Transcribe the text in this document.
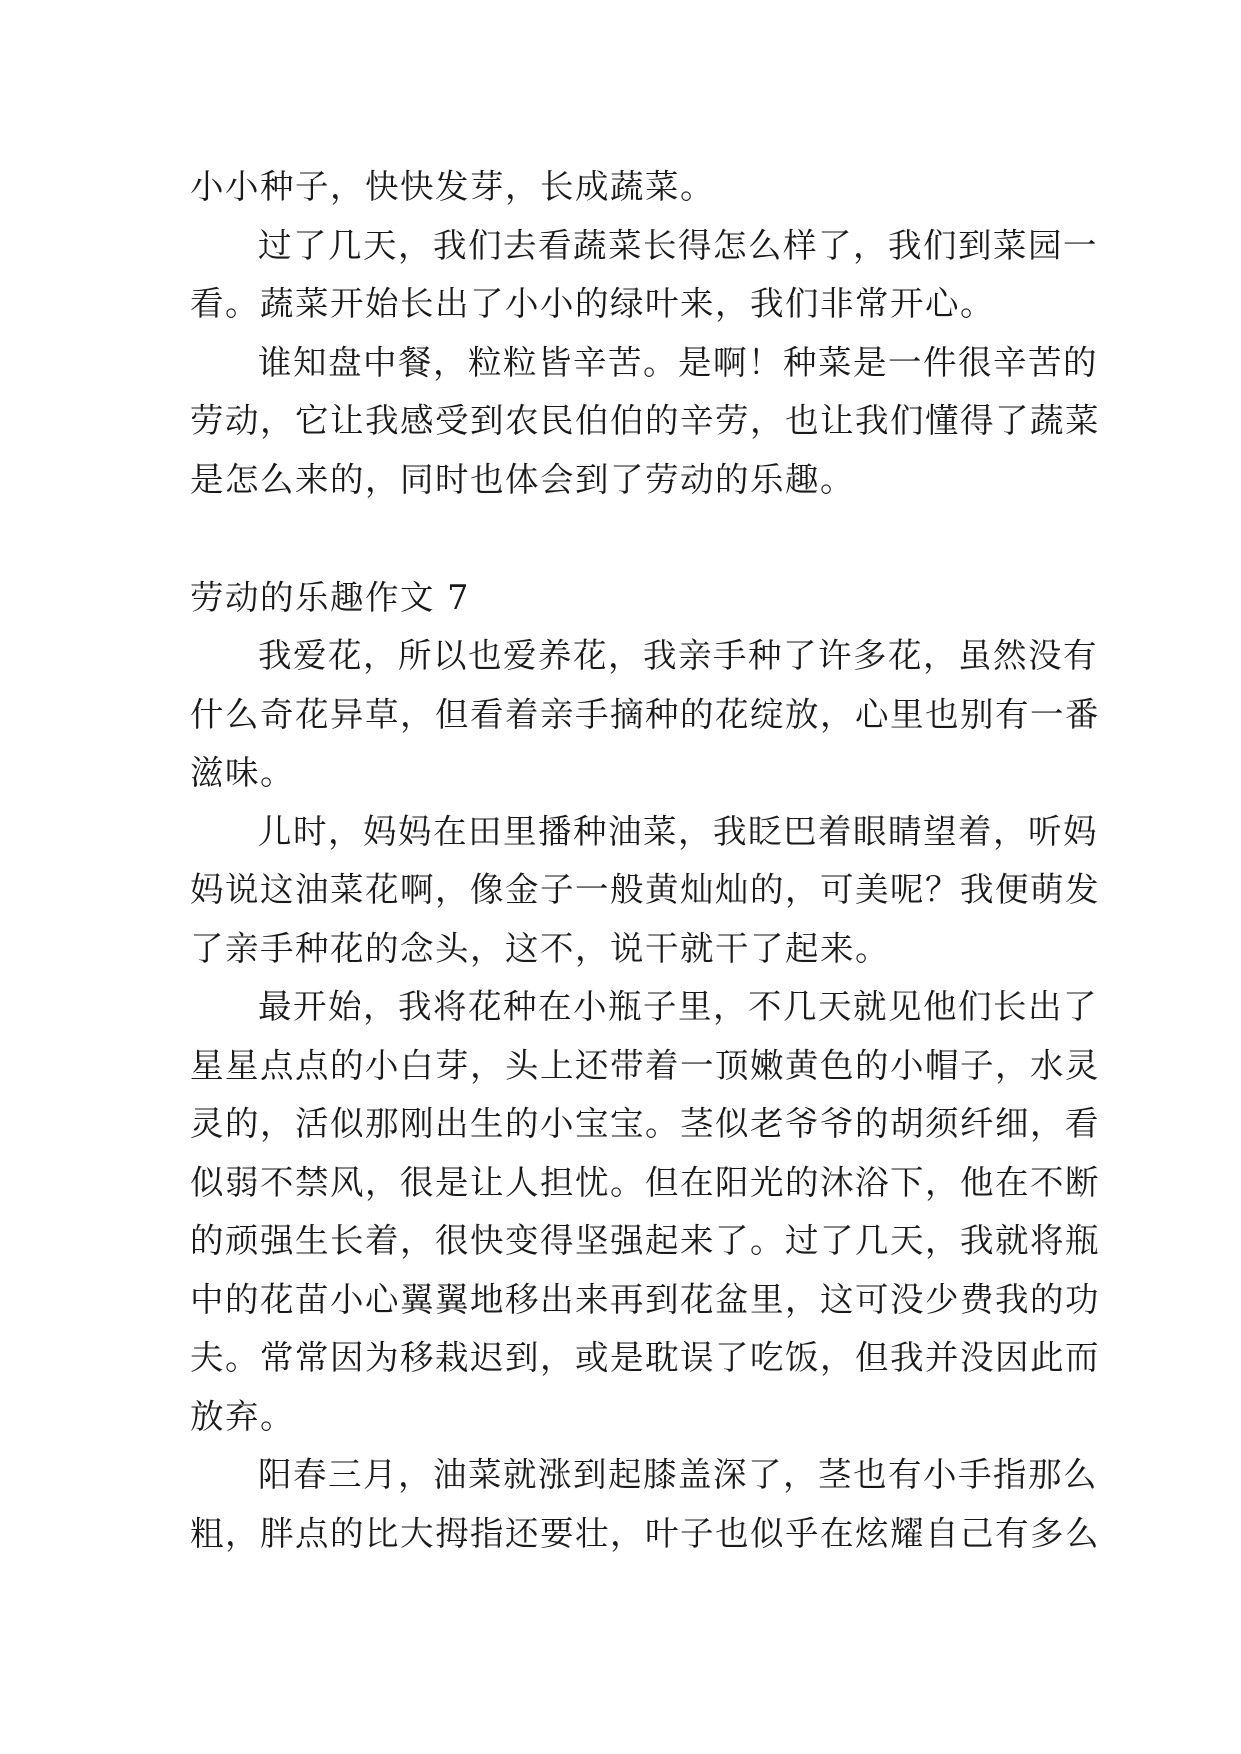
小小种子，快快发芽，长成蔬菜。
过了几天，我们去看蔬菜长得怎么样了，我们到菜园一
看。蔬菜开始长出了小小的绿叶来，我们非常开心。
谁知盘中餐，粒粒皆辛苦。是啊！种菜是一件很辛苦的
劳动，它让我感受到农民伯伯的辛劳，也让我们懂得了蔬菜
是怎么来的，同时也体会到了劳动的乐趣。
劳动的乐趣作文 7
我爱花，所以也爱养花，我亲手种了许多花，虽然没有
什么奇花异草，但看着亲手摘种的花绽放，心里也别有一番
滋味。
儿时，妈妈在田里播种油菜，我眨巴着眼睛望着，听妈
妈说这油菜花啊，像金子一般黄灿灿的，可美呢？我便萌发
了亲手种花的念头，这不，说干就干了起来。
最开始，我将花种在小瓶子里，不几天就见他们长出了
星星点点的小白芽，头上还带着一顶嫩黄色的小帽子，水灵
灵的，活似那刚出生的小宝宝。茎似老爷爷的胡须纤细，看
似弱不禁风，很是让人担忧。但在阳光的沐浴下，他在不断
的顽强生长着，很快变得坚强起来了。过了几天，我就将瓶
中的花苗小心翼翼地移出来再到花盆里，这可没少费我的功
夫。常常因为移栽迟到，或是耽误了吃饭，但我并没因此而
放弃。
阳春三月，油菜就涨到起膝盖深了，茎也有小手指那么
粗，胖点的比大拇指还要壮，叶子也似乎在炫耀自己有多么
